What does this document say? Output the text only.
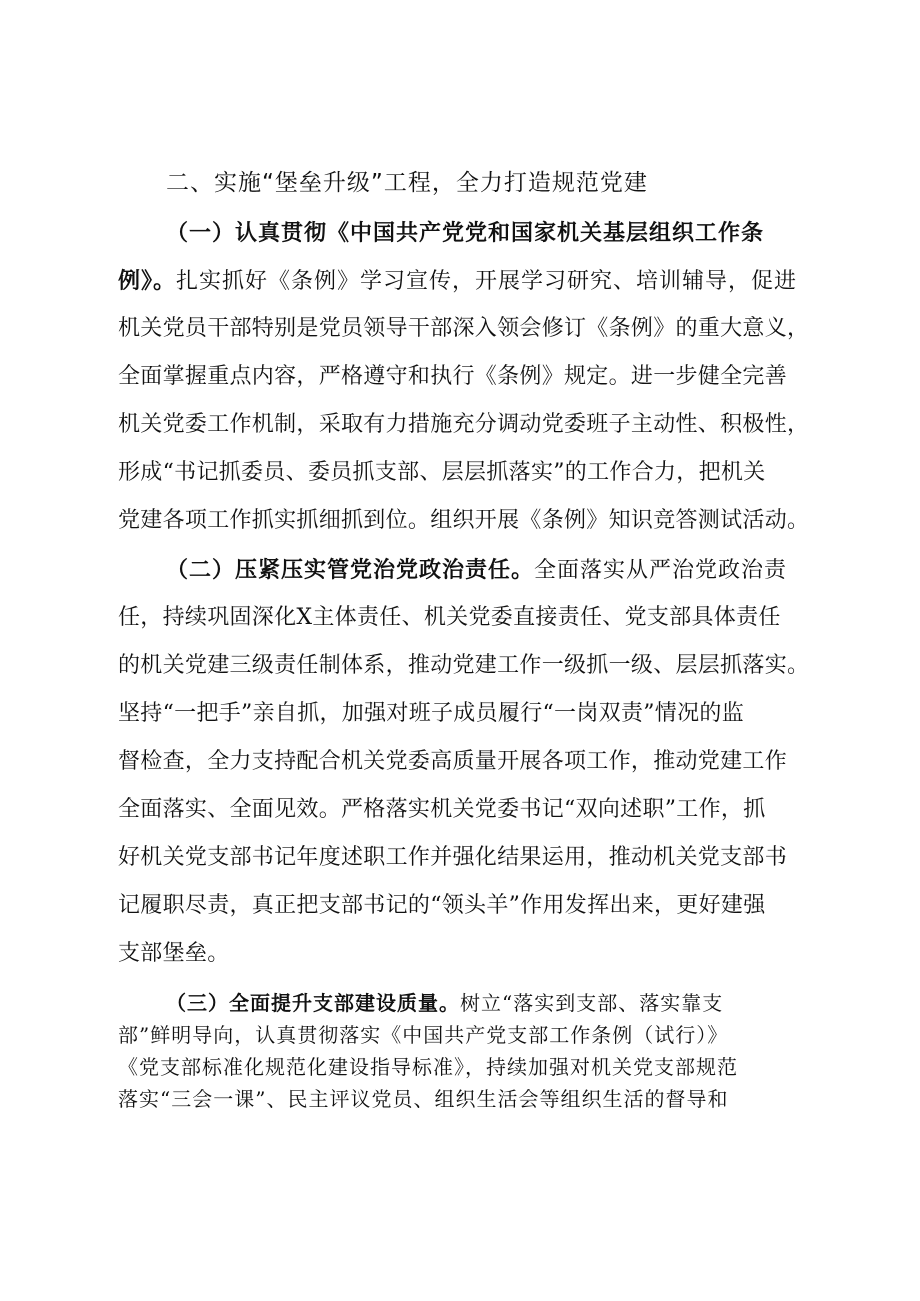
二、实施“堡垒升级”工程，全力打造规范党建
（一）认真贯彻《中国共产党党和国家机关基层组织工作条
例》。扎实抓好《条例》学习宣传，开展学习研究、培训辅导，促进
机关党员干部特别是党员领导干部深入领会修订《条例》的重大意义，
全面掌握重点内容，严格遵守和执行《条例》规定。进一步健全完善
机关党委工作机制，采取有力措施充分调动党委班子主动性、积极性，
形成“书记抓委员、委员抓支部、层层抓落实”的工作合力，把机关
党建各项工作抓实抓细抓到位。组织开展《条例》知识竞答测试活动。
（二）压紧压实管党治党政治责任。全面落实从严治党政治责
任，持续巩固深化X主体责任、机关党委直接责任、党支部具体责任
的机关党建三级责任制体系，推动党建工作一级抓一级、层层抓落实。
坚持“一把手”亲自抓，加强对班子成员履行“一岗双责”情况的监
督检查，全力支持配合机关党委高质量开展各项工作，推动党建工作
全面落实、全面见效。严格落实机关党委书记“双向述职”工作，抓
好机关党支部书记年度述职工作并强化结果运用，推动机关党支部书
记履职尽责，真正把支部书记的“领头羊”作用发挥出来，更好建强
支部堡垒。
（三）全面提升支部建设质量。树立“落实到支部、落实靠支
部”鲜明导向，认真贯彻落实《中国共产党支部工作条例（试行）》
《党支部标准化规范化建设指导标准》，持续加强对机关党支部规范
落实“三会一课”、民主评议党员、组织生活会等组织生活的督导和
